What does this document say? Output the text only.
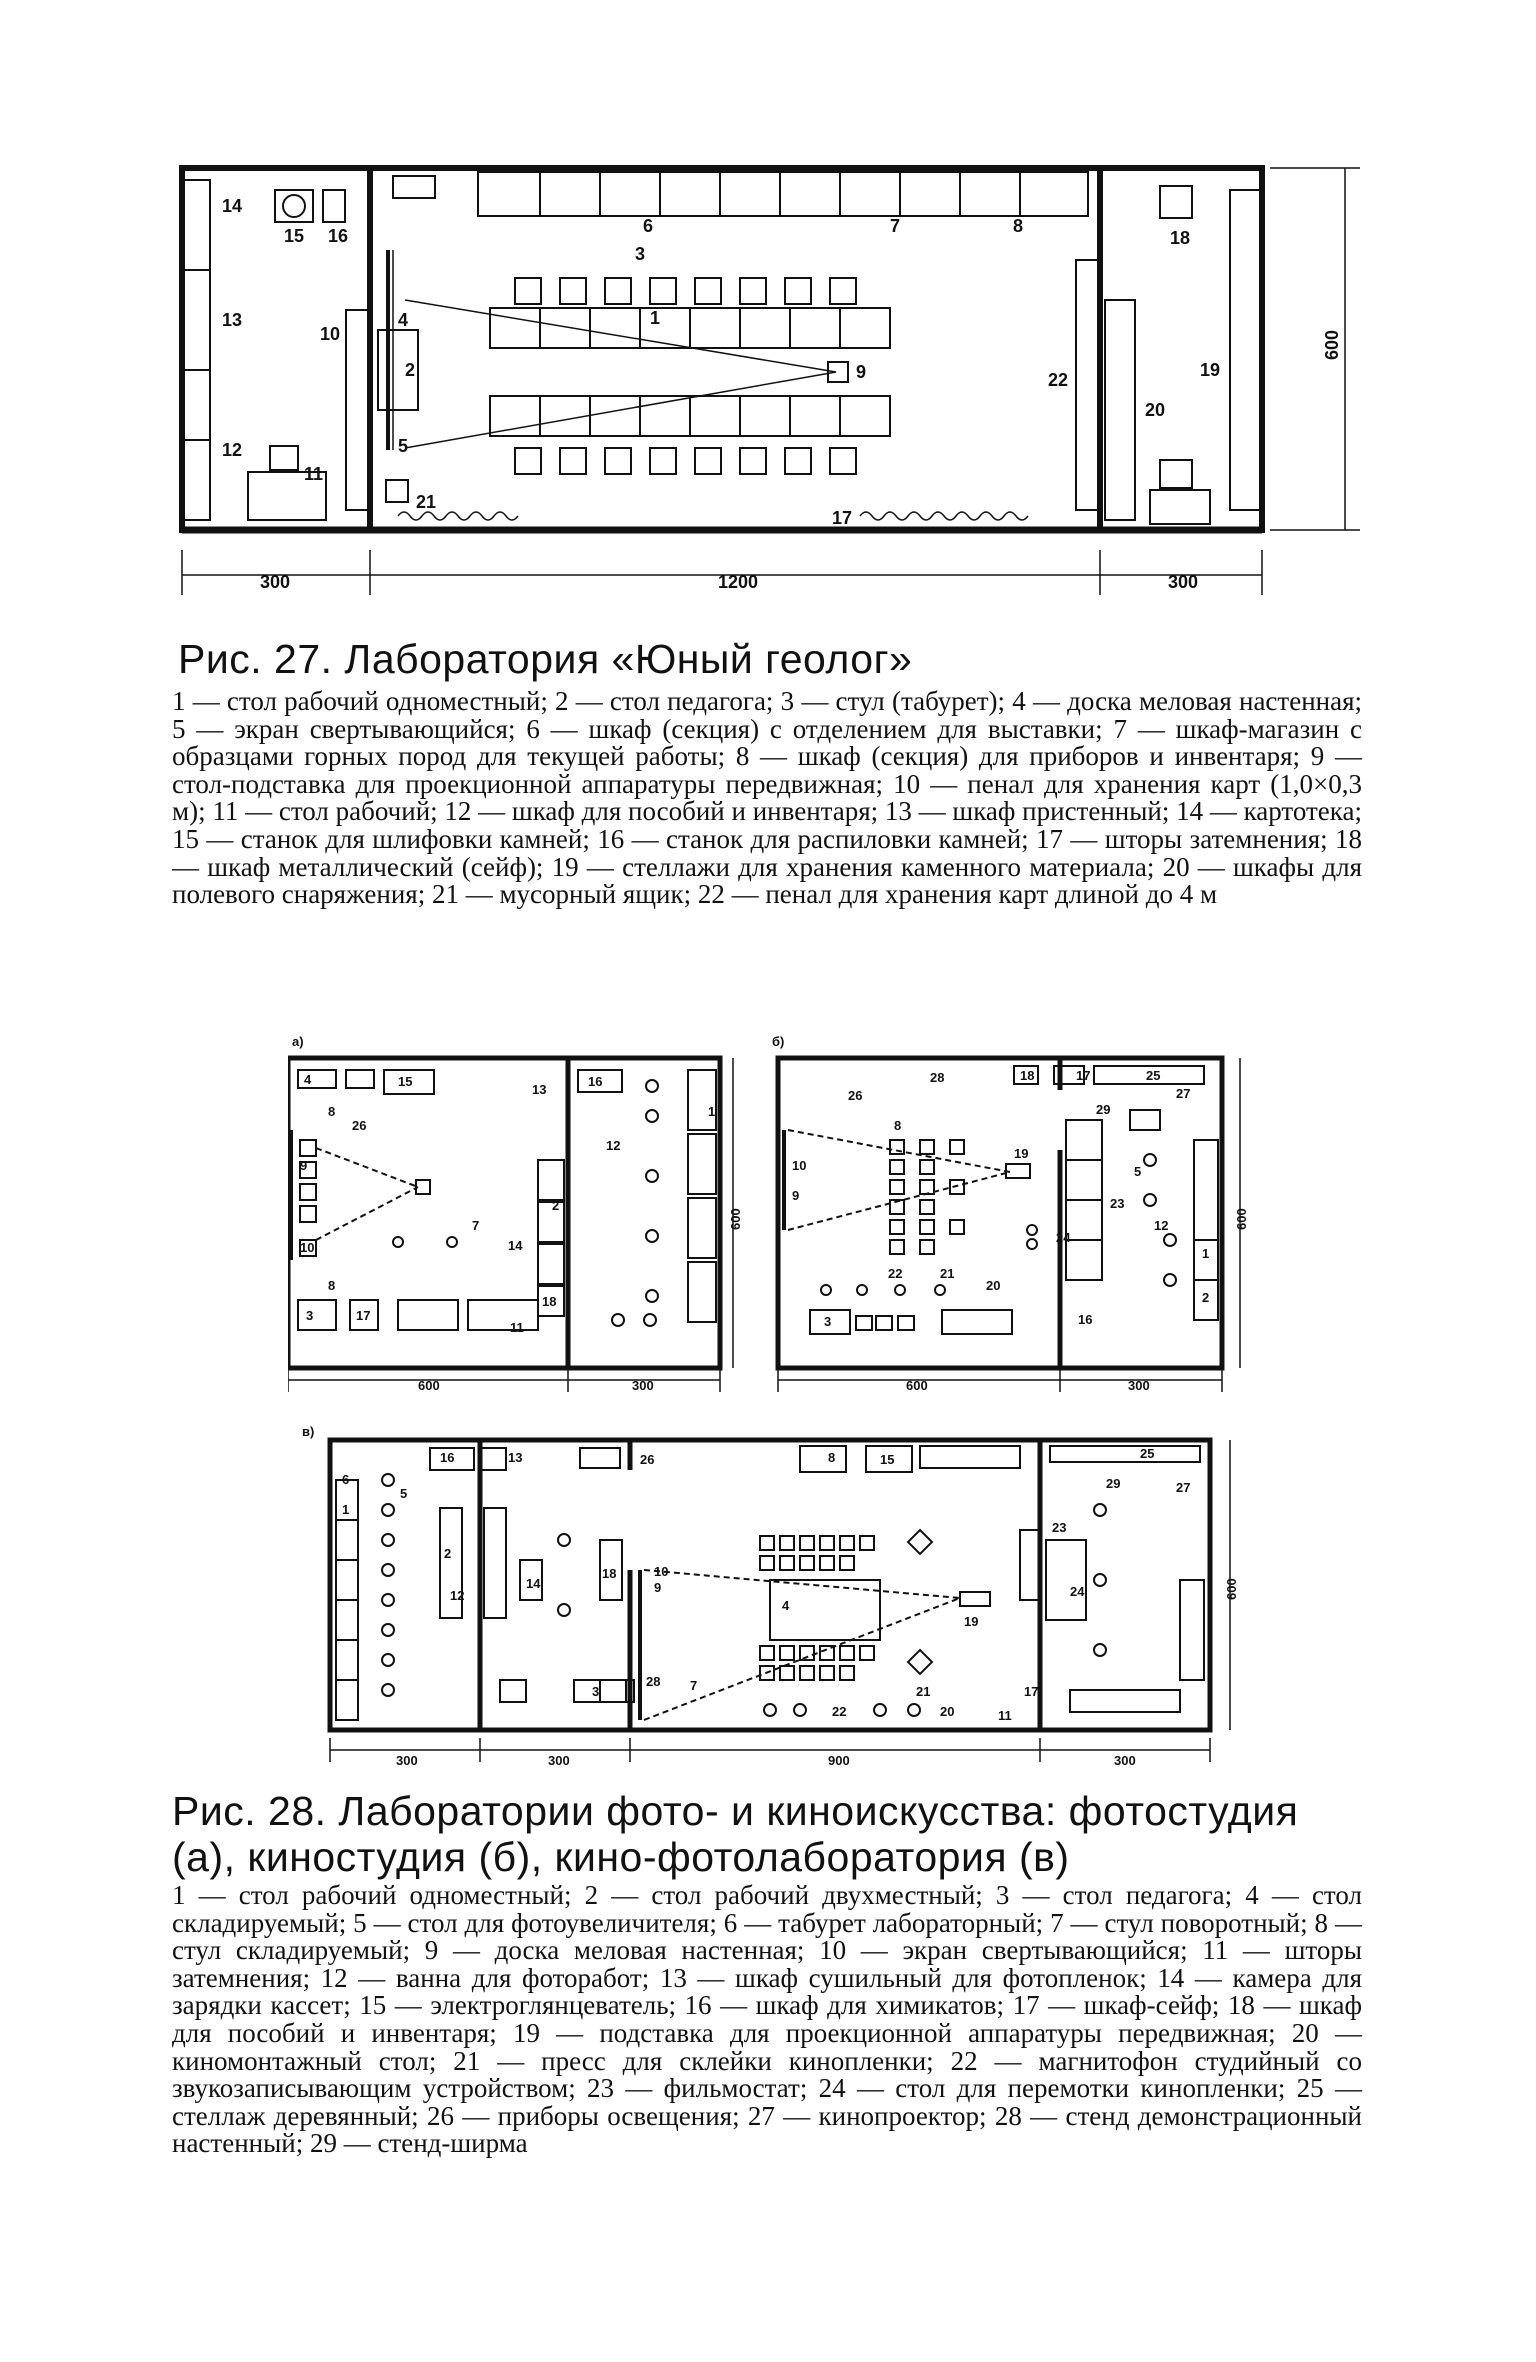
300	1200	300
600
1
2
3
4
5
6	7	8
9
10
11
12
13
14
15 16
17
18
19
20
21
22
Рис. 27. Лаборатория «Юный геолог»

1 — стол рабочий одноместный; 2 — стол педагога; 3 — стул (табурет); 4 — доска меловая настенная; 5 — экран свертывающийся; 6 — шкаф (секция) с отделением для выставки; 7 — шкаф-магазин с образцами горных пород для текущей работы; 8 — шкаф (секция) для приборов и инвентаря; 9 — стол-подставка для проекционной аппаратуры передвижная; 10 — пенал для хранения карт (1,0×0,3 м); 11 — стол рабочий; 12 — шкаф для пособий и инвентаря; 13 — шкаф пристенный; 14 — картотека; 15 — станок для шлифовки камней; 16 — станок для распиловки камней; 17 — шторы затемнения; 18 — шкаф металлический (сейф); 19 — стеллажи для хранения каменного материала; 20 — шкафы для полевого снаряжения; 21 — мусорный ящик; 22 — пенал для хранения карт длиной до 4 м

а)
600	300
600
1
2
3
4
7
8
8
9
10
11
12
13
14
15	16
17
18
26
б)
600	300
600
1
2
3
5
8
9
10
12
16
17
18
19
20
21
22
23
24
25
26	27
28
29
в)
300	300	900	300
600
1
2
3
4
5
6
7
8
9
10
11
12
13
14
15
16
17
18
19
20
21
22
23
24
25
26
27
28
29
Рис. 28. Лаборатории фото- и киноискусства: фотостудия (а), киностудия (б), кино-фотолаборатория (в)

1 — стол рабочий одноместный; 2 — стол рабочий двухместный; 3 — стол педагога; 4 — стол складируемый; 5 — стол для фотоувеличителя; 6 — табурет лабораторный; 7 — стул поворотный; 8 — стул складируемый; 9 — доска меловая настенная; 10 — экран свертывающийся; 11 — шторы затемнения; 12 — ванна для фоторабот; 13 — шкаф сушильный для фотопленок; 14 — камера для зарядки кассет; 15 — электроглянцеватель; 16 — шкаф для химикатов; 17 — шкаф-сейф; 18 — шкаф для пособий и инвентаря; 19 — подставка для проекционной аппаратуры передвижная; 20 — киномонтажный стол; 21 — пресс для склейки кинопленки; 22 — магнитофон студийный со звукозаписывающим устройством; 23 — фильмостат; 24 — стол для перемотки кинопленки; 25 — стеллаж деревянный; 26 — приборы освещения; 27 — кинопроектор; 28 — стенд демонстрационный настенный; 29 — стенд-ширма
